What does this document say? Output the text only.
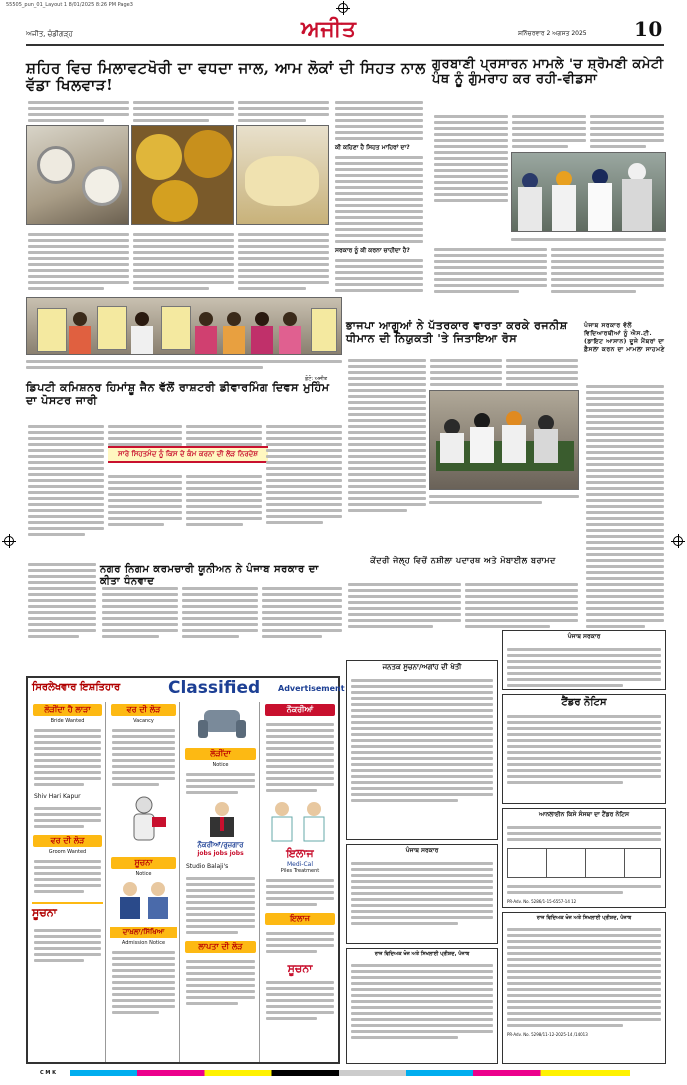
55505_pun_01_Layout 1 8/01/2025 8:26 PM Page3
ਅਜੀਤ, ਚੰਡੀਗੜ੍ਹ	ਅਜੀਤ	ਸ਼ਨਿੱਚਰਵਾਰ 2 ਅਗਸਤ 2025 10
ਸ਼ਹਿਰ ਵਿਚ ਮਿਲਾਵਟਖੋਰੀ ਦਾ ਵਧਦਾ ਜਾਲ, ਆਮ ਲੋਕਾਂ ਦੀ ਸਿਹਤ ਨਾਲ ਵੱਡਾ ਖਿਲਵਾੜ!
ਕੀ ਕਹਿਣਾ ਹੈ ਸਿਹਤ ਮਾਹਿਰਾਂ ਦਾ?
ਸਰਕਾਰ ਨੂੰ ਕੀ ਕਰਨਾ ਚਾਹੀਦਾ ਹੈ?
ਗੁਰਬਾਣੀ ਪ੍ਰਸਾਰਨ ਮਾਮਲੇ 'ਚ ਸ਼੍ਰੋਮਣੀ ਕਮੇਟੀ ਪੰਥ ਨੂੰ ਗੁੰਮਰਾਹ ਕਰ ਰਹੀ-ਵੀਡਸਾ
ਫ਼ੋਟੋ: ਅਜੀਤ
ਭਾਜਪਾ ਆਗੂਆਂ ਨੇ ਪੱਤਰਕਾਰ ਵਾਰਤਾ ਕਰਕੇ ਰਜਨੀਸ਼ ਧੀਮਾਨ ਦੀ ਨਿਯੁਕਤੀ 'ਤੇ ਜਿਤਾਇਆ ਰੋਸ
ਪੰਜਾਬ ਸਰਕਾਰ ਵੱਲੋਂ ਵਿਦਿਆਰਥੀਆਂ ਨੂੰ ਐਸ.ਟੀ. (ਡਾਇਟ ਆਸਾਨ) ਦੂਜੇ ਮੈਂਬਰਾਂ ਦਾ ਫ਼ੈਸਲਾ ਕਰਨ ਦਾ ਮਾਮਲਾ ਸਾਹਮਣੇ
ਡਿਪਟੀ ਕਮਿਸ਼ਨਰ ਹਿਮਾਂਸ਼ੂ ਜੈਨ ਵੱਲੋਂ ਰਾਸ਼ਟਰੀ ਡੀਵਾਰਮਿੰਗ ਦਿਵਸ ਮੁਹਿੰਮ ਦਾ ਪੋਸਟਰ ਜਾਰੀ
ਸਾਰੇ ਸਿਹਤਮੰਦ ਨੂੰ ਕਿਸ ਦੇ ਕੰਮ ਕਰਨਾ ਦੀ ਲੋੜ ਨਿਰਦੇਸ਼
ਨਗਰ ਨਿਗਮ ਕਰਮਚਾਰੀ ਯੂਨੀਅਨ ਨੇ ਪੰਜਾਬ ਸਰਕਾਰ ਦਾ ਕੀਤਾ ਧੰਨਵਾਦ
ਕੇਂਦਰੀ ਜੇਲ੍ਹ ਵਿਚੋਂ ਨਸ਼ੀਲਾ ਪਦਾਰਥ ਅਤੇ ਮੋਬਾਈਲ ਬਰਾਮਦ
ਸਿਰਲੇਖਵਾਰ ਇਸ਼ਤਿਹਾਰ	Classified Advertisement
ਲੋੜੀਂਦਾ ਹੈ ਲਾੜਾ
Bride Wanted
Shiv Hari Kapur
ਵਰ ਦੀ ਲੋੜ
Groom Wanted
ਸੂਚਨਾ
ਵਰ ਦੀ ਲੋੜ
Vacancy
ਸੂਚਨਾ
Notice
ਦਾਖ਼ਲਾ/ਸਿੱਖਿਆ
Admission Notice
ਲੋੜੀਂਦਾ
Notice
ਨੌਕਰੀਆਂ/ਰੁਜ਼ਗਾਰ
jobs jobs jobs
Studio Balaji's
ਲਾਪਤਾ ਦੀ ਲੋੜ
ਨੌਕਰੀਆਂ
ਇਲਾਜ
Medi-Cal
Piles Treatment
ਇਲਾਜ
ਸੂਚਨਾ
ਜਨਤਕ ਸੂਚਨਾ/ਅਗਾਂਹ ਦੀ ਖੇਤੀ
ਪੰਜਾਬ ਸਰਕਾਰ
ਟੈਂਡਰ ਨੋਟਿਸ
ਆਨਲਾਈਨ ਕਿਸੇ ਸੰਸਥਾ ਦਾ ਟੈਂਡਰ ਨੋਟਿਸ
PR-Adv. No. 5286/1-15-6557-14 12
ਪੰਜਾਬ ਸਰਕਾਰ
ਰਾਜ ਵਿਦਿਅਕ ਖੋਜ ਅਤੇ ਸਿਖਲਾਈ ਪ੍ਰੀਸ਼ਦ, ਪੰਜਾਬ
ਰਾਜ ਵਿਦਿਅਕ ਖੋਜ ਅਤੇ ਸਿਖਲਾਈ ਪ੍ਰੀਸ਼ਦ, ਪੰਜਾਬ
PR-Adv. No. 5298/11-12-2025-14 /14013
C M K
